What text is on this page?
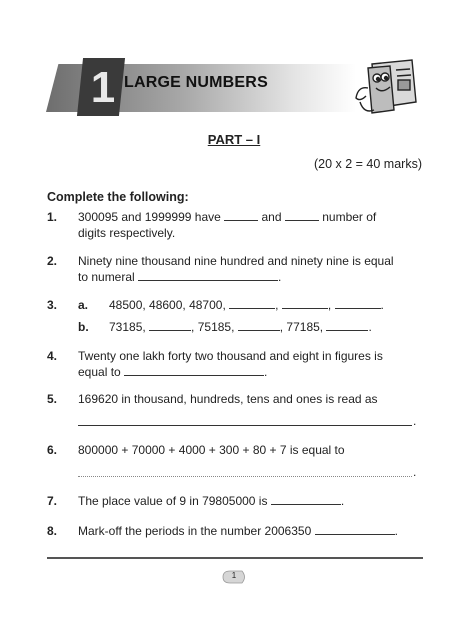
1 LARGE NUMBERS
PART – I
(20 x 2 = 40 marks)
Complete the following:
1.	300095 and 1999999 have	and	number of
digits respectively.
2.	Ninety nine thousand nine hundred and ninety nine is equal
to numeral	.
3.	a. 48500, 48600, 48700,	,	,	.
b. 73185,	, 75185,	, 77185,	.
4.	Twenty one lakh forty two thousand and eight in figures is
equal to	.
5.	169620 in thousand, hundreds, tens and ones is read as
.
6.	800000 + 70000 + 4000 + 300 + 80 + 7 is equal to
.
7.	The place value of 9 in 79805000 is	.
8.	Mark-off the periods in the number 2006350	.
1
